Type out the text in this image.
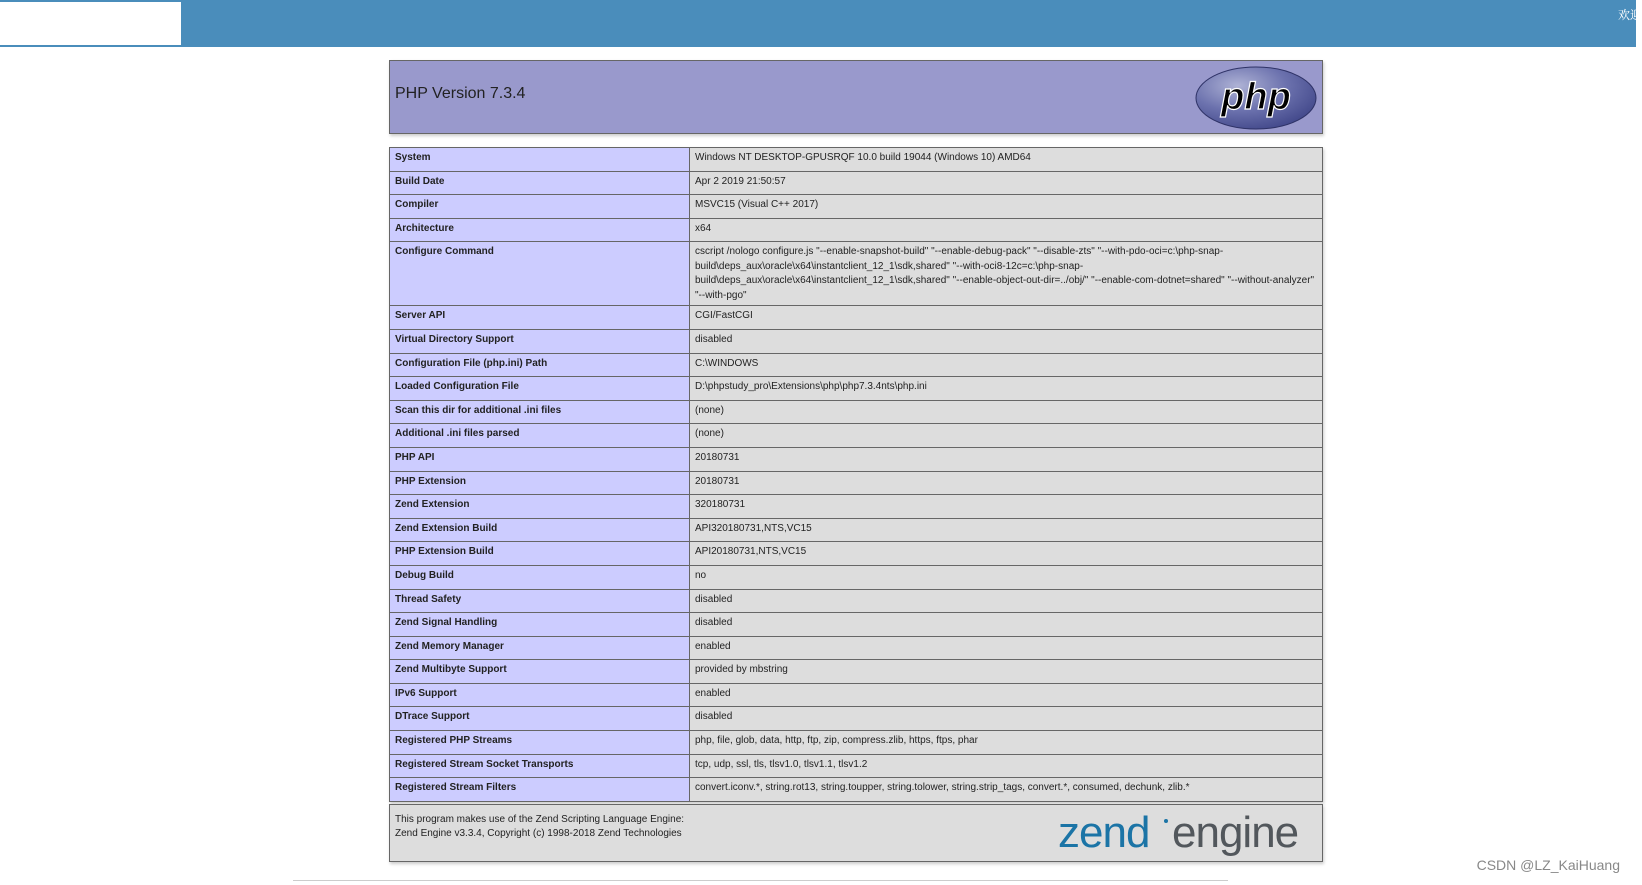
欢迎
PHP Version 7.3.4	php
System	Windows NT DESKTOP-GPUSRQF 10.0 build 19044 (Windows 10) AMD64
Build Date	Apr 2 2019 21:50:57
Compiler	MSVC15 (Visual C++ 2017)
Architecture	x64
Configure Command	cscript /nologo configure.js "--enable-snapshot-build" "--enable-debug-pack" "--disable-zts" "--with-pdo-oci=c:\php-snap-build\deps_aux\oracle\x64\instantclient_12_1\sdk,shared" "--with-oci8-12c=c:\php-snap-build\deps_aux\oracle\x64\instantclient_12_1\sdk,shared" "--enable-object-out-dir=../obj/" "--enable-com-dotnet=shared" "--without-analyzer" "--with-pgo"
Server API	CGI/FastCGI
Virtual Directory Support	disabled
Configuration File (php.ini) Path	C:\WINDOWS
Loaded Configuration File	D:\phpstudy_pro\Extensions\php\php7.3.4nts\php.ini
Scan this dir for additional .ini files	(none)
Additional .ini files parsed	(none)
PHP API	20180731
PHP Extension	20180731
Zend Extension	320180731
Zend Extension Build	API320180731,NTS,VC15
PHP Extension Build	API20180731,NTS,VC15
Debug Build	no
Thread Safety	disabled
Zend Signal Handling	disabled
Zend Memory Manager	enabled
Zend Multibyte Support	provided by mbstring
IPv6 Support	enabled
DTrace Support	disabled
Registered PHP Streams	php, file, glob, data, http, ftp, zip, compress.zlib, https, ftps, phar
Registered Stream Socket Transports	tcp, udp, ssl, tls, tlsv1.0, tlsv1.1, tlsv1.2
Registered Stream Filters	convert.iconv.*, string.rot13, string.toupper, string.tolower, string.strip_tags, convert.*, consumed, dechunk, zlib.*
This program makes use of the Zend Scripting Language Engine:
Zend Engine v3.3.4, Copyright (c) 1998-2018 Zend Technologies	zend engine
CSDN @LZ_KaiHuang
